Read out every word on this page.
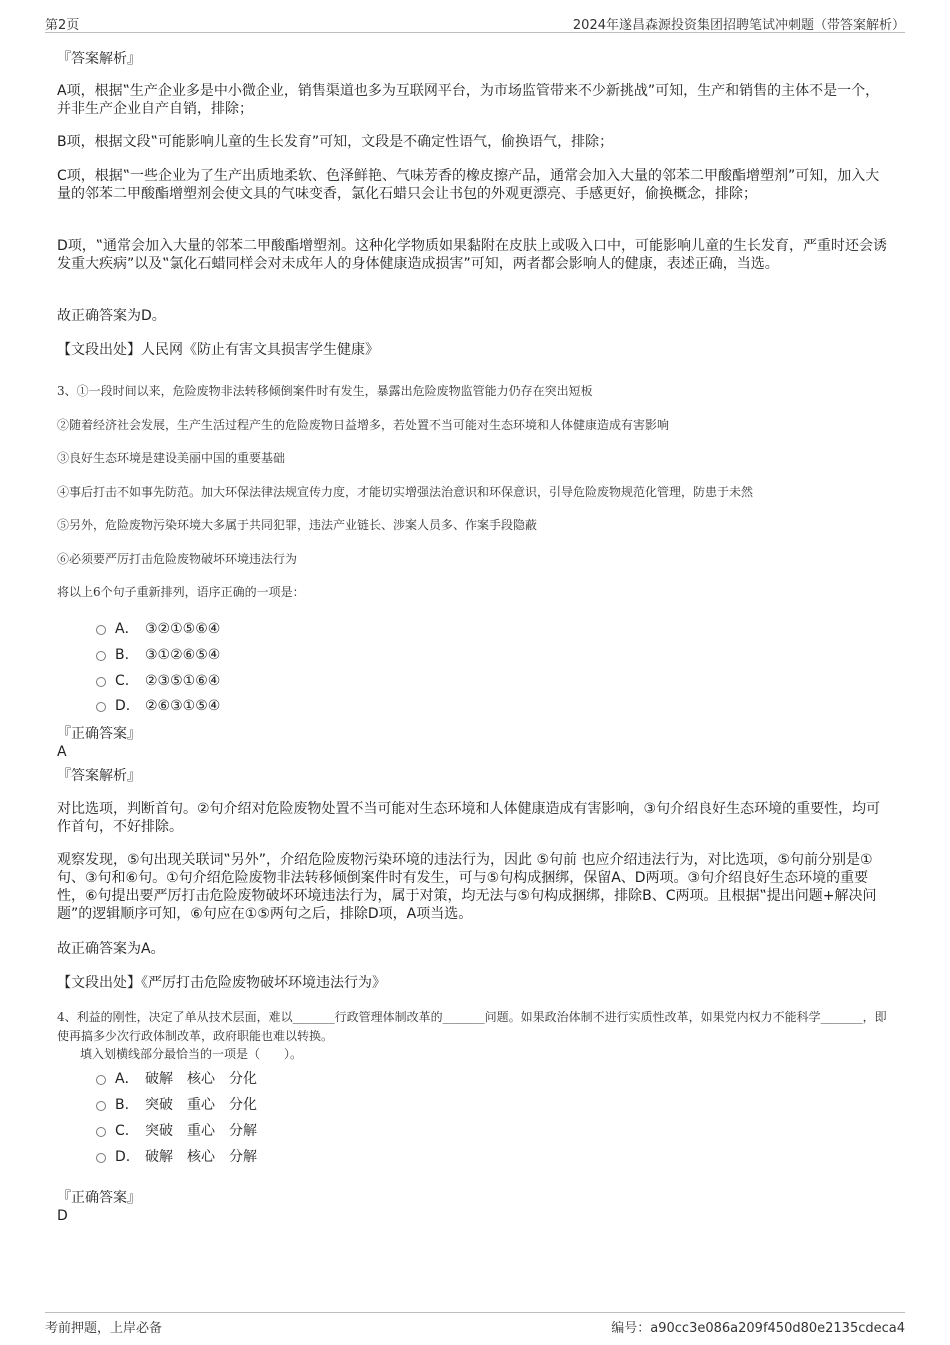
第2页	2024年遂昌森源投资集团招聘笔试冲刺题（带答案解析）
『答案解析』
A项，根据‟生产企业多是中小微企业，销售渠道也多为互联网平台，为市场监管带来不少新挑战”可知，生产和销售的主体不是一个，并非生产企业自产自销，排除；
B项，根据文段‟可能影响儿童的生长发育”可知，文段是不确定性语气，偷换语气，排除；
C项，根据‟一些企业为了生产出质地柔软、色泽鲜艳、气味芳香的橡皮擦产品，通常会加入大量的邻苯二甲酸酯增塑剂”可知，加入大量的邻苯二甲酸酯增塑剂会使文具的气味变香，氯化石蜡只会让书包的外观更漂亮、手感更好，偷换概念，排除；
D项，‟通常会加入大量的邻苯二甲酸酯增塑剂。这种化学物质如果黏附在皮肤上或吸入口中，可能影响儿童的生长发育，严重时还会诱发重大疾病”以及‟氯化石蜡同样会对未成年人的身体健康造成损害”可知，两者都会影响人的健康，表述正确，当选。
故正确答案为D。
【文段出处】人民网《防止有害文具损害学生健康》
3、①一段时间以来，危险废物非法转移倾倒案件时有发生，暴露出危险废物监管能力仍存在突出短板
②随着经济社会发展，生产生活过程产生的危险废物日益增多，若处置不当可能对生态环境和人体健康造成有害影响
③良好生态环境是建设美丽中国的重要基础
④事后打击不如事先防范。加大环保法律法规宣传力度，才能切实增强法治意识和环保意识，引导危险废物规范化管理，防患于未然
⑤另外，危险废物污染环境大多属于共同犯罪，违法产业链长、涉案人员多、作案手段隐蔽
⑥必须要严厉打击危险废物破坏环境违法行为
将以上6个句子重新排列，语序正确的一项是：
A． ③②①⑤⑥④
B. ③①②⑥⑤④
C. ②③⑤①⑥④
D. ②⑥③①⑤④
『正确答案』
A
『答案解析』
对比选项，判断首句。②句介绍对危险废物处置不当可能对生态环境和人体健康造成有害影响，③句介绍良好生态环境的重要性，均可作首句，不好排除。
观察发现，⑤句出现关联词‟另外”，介绍危险废物污染环境的违法行为，因此 ⑤句前 也应介绍违法行为，对比选项，⑤句前分别是①句、③句和⑥句。①句介绍危险废物非法转移倾倒案件时有发生，可与⑤句构成捆绑，保留A、D两项。③句介绍良好生态环境的重要性，⑥句提出要严厉打击危险废物破坏环境违法行为，属于对策，均无法与⑤句构成捆绑，排除B、C两项。且根据‟提出问题+解决问题”的逻辑顺序可知，⑥句应在①⑤两句之后，排除D项，A项当选。
故正确答案为A。
【文段出处】《严厉打击危险废物破坏环境违法行为》
4、利益的刚性，决定了单从技术层面，难以_______行政管理体制改革的_______问题。如果政治体制不进行实质性改革，如果党内权力不能科学_______，即使再搞多少次行政体制改革，政府职能也难以转换。
填入划横线部分最恰当的一项是（　　）。
A． 破解 核心 分化
B. 突破 重心 分化
C. 突破 重心 分解
D. 破解 核心 分解
『正确答案』
D
考前押题，上岸必备	编号：a90cc3e086a209f450d80e2135cdeca4
